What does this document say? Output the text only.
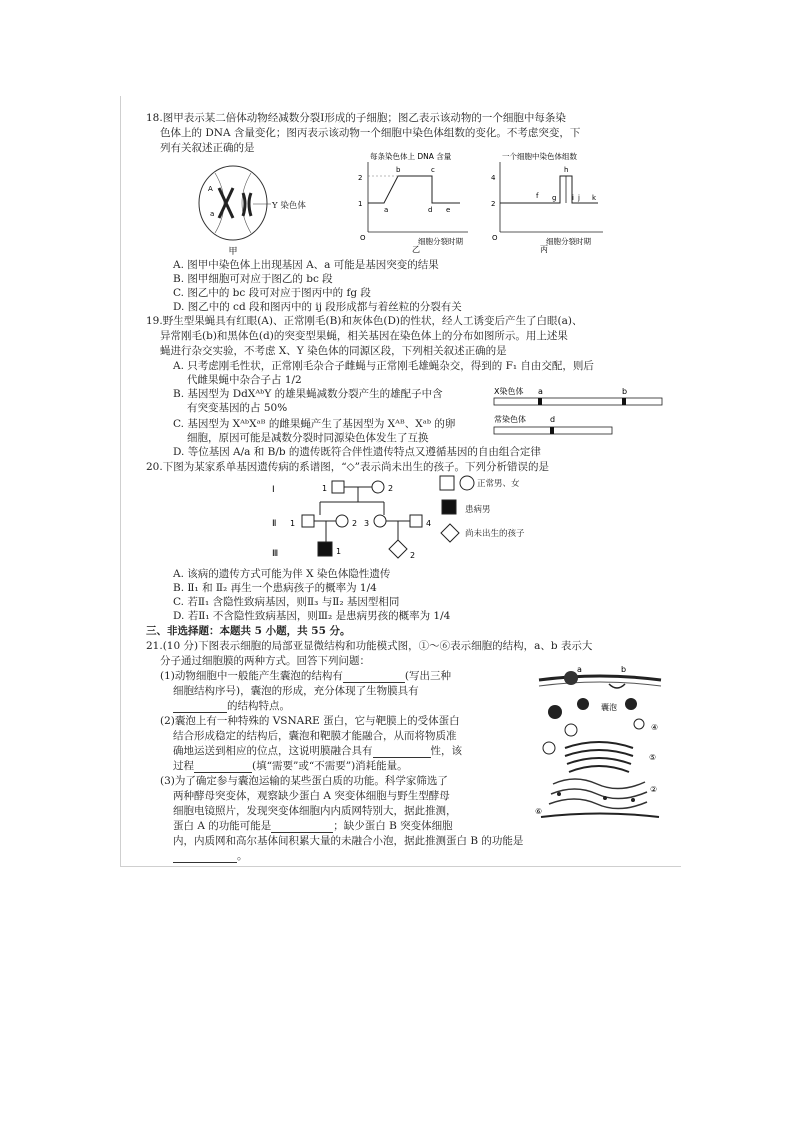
18.图甲表示某二倍体动物经减数分裂Ⅰ形成的子细胞；图乙表示该动物的一个细胞中每条染
色体上的 DNA 含量变化；图丙表示该动物一个细胞中染色体组数的变化。不考虑突变，下
列有关叙述正确的是
A
a
甲
Y 染色体
每条染色体上 DNA 含量
2
1
O
a
b	c
d e
细胞分裂时期
乙
一个细胞中染色体组数
4
2
O
f g
h
i j k
细胞分裂时期
丙
A. 图甲中染色体上出现基因 A、a 可能是基因突变的结果
B. 图甲细胞可对应于图乙的 bc 段
C. 图乙中的 bc 段可对应于图丙中的 fg 段
D. 图乙中的 cd 段和图丙中的 ij 段形成都与着丝粒的分裂有关
19.野生型果蝇具有红眼(A)、正常刚毛(B)和灰体色(D)的性状，经人工诱变后产生了白眼(a)、
异常刚毛(b)和黑体色(d)的突变型果蝇，相关基因在染色体上的分布如图所示。用上述果
蝇进行杂交实验，不考虑 X、Y 染色体的同源区段，下列相关叙述正确的是
A. 只考虑刚毛性状，正常刚毛杂合子雌蝇与正常刚毛雄蝇杂交，得到的 F₁ 自由交配，则后
代雌果蝇中杂合子占 1/2
B. 基因型为 DdXᴬᵇY 的雄果蝇减数分裂产生的雄配子中含
有突变基因的占 50%
C. 基因型为 XᴬᵇXᵃᴮ 的雌果蝇产生了基因型为 Xᴬᴮ、Xᵃᵇ 的卵
细胞，原因可能是减数分裂时同源染色体发生了互换
D. 等位基因 A/a 和 B/b 的遗传既符合伴性遗传特点又遵循基因的自由组合定律
X染色体 a	b
常染色体	d
20.下图为某家系单基因遗传病的系谱图，“◇”表示尚未出生的孩子。下列分析错误的是
Ⅰ
Ⅱ
Ⅲ
1	2
1	2 3	4
1	2
正常男、女
患病男
尚未出生的孩子
A. 该病的遗传方式可能为伴 X 染色体隐性遗传
B. Ⅱ₁ 和 Ⅱ₂ 再生一个患病孩子的概率为 1/4
C. 若Ⅱ₁ 含隐性致病基因，则Ⅱ₃ 与Ⅱ₂ 基因型相同
D. 若Ⅱ₁ 不含隐性致病基因，则Ⅲ₂ 是患病男孩的概率为 1/4
三、非选择题：本题共 5 小题，共 55 分。
21.(10 分)下图表示细胞的局部亚显微结构和功能模式图，①～⑥表示细胞的结构，a、b 表示大
分子通过细胞膜的两种方式。回答下列问题：
(1)动物细胞中一般能产生囊泡的结构有	(写出三种
细胞结构序号)，囊泡的形成，充分体现了生物膜具有
的结构特点。
(2)囊泡上有一种特殊的 VSNARE 蛋白，它与靶膜上的受体蛋白
结合形成稳定的结构后，囊泡和靶膜才能融合，从而将物质准
确地运送到相应的位点，这说明膜融合具有	性，该
过程	(填“需要”或“不需要”)消耗能量。
(3)为了确定参与囊泡运输的某些蛋白质的功能。科学家筛选了
两种酵母突变体，观察缺少蛋白 A 突变体细胞与野生型酵母
细胞电镜照片，发现突变体细胞内内质网特别大，据此推测，
蛋白 A 的功能可能是	；缺少蛋白 B 突变体细胞
内，内质网和高尔基体间积累大量的未融合小泡，据此推测蛋白 B 的功能是
。
a	b
囊泡
④
⑤
②
⑥
